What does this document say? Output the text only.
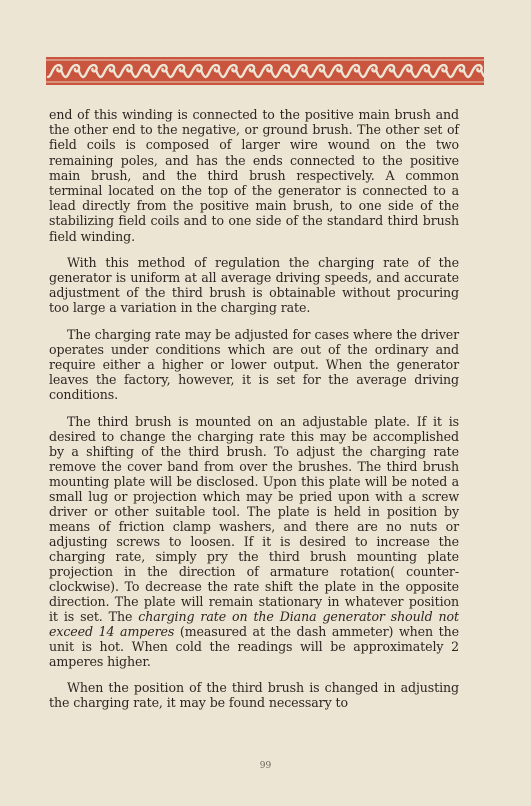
end of this winding is connected to the positive main brush and the other end to the negative, or ground brush. The other set of field coils is composed of larger wire wound on the two remaining poles, and has the ends connected to the positive main brush, and the third brush respectively. A common terminal located on the top of the generator is connected to a lead directly from the positive main brush, to one side of the stabilizing field coils and to one side of the standard third brush field winding.

With this method of regulation the charging rate of the generator is uniform at all average driving speeds, and accurate adjustment of the third brush is obtainable without procuring too large a variation in the charging rate.

The charging rate may be adjusted for cases where the driver operates under conditions which are out of the ordinary and require either a higher or lower output. When the generator leaves the factory, however, it is set for the average driving conditions.

The third brush is mounted on an adjustable plate. If it is desired to change the charging rate this may be accomplished by a shifting of the third brush. To adjust the charging rate remove the cover band from over the brushes. The third brush mounting plate will be disclosed. Upon this plate will be noted a small lug or projection which may be pried upon with a screw driver or other suitable tool. The plate is held in position by means of friction clamp washers, and there are no nuts or adjusting screws to loosen. If it is desired to increase the charging rate, simply pry the third brush mounting plate projection in the direction of armature rotation( counter-clockwise). To decrease the rate shift the plate in the opposite direction. The plate will remain stationary in whatever position it is set. The charging rate on the Diana generator should not exceed 14 amperes (measured at the dash ammeter) when the unit is hot. When cold the readings will be approximately 2 amperes higher.

When the position of the third brush is changed in adjusting the charging rate, it may be found necessary to

99
